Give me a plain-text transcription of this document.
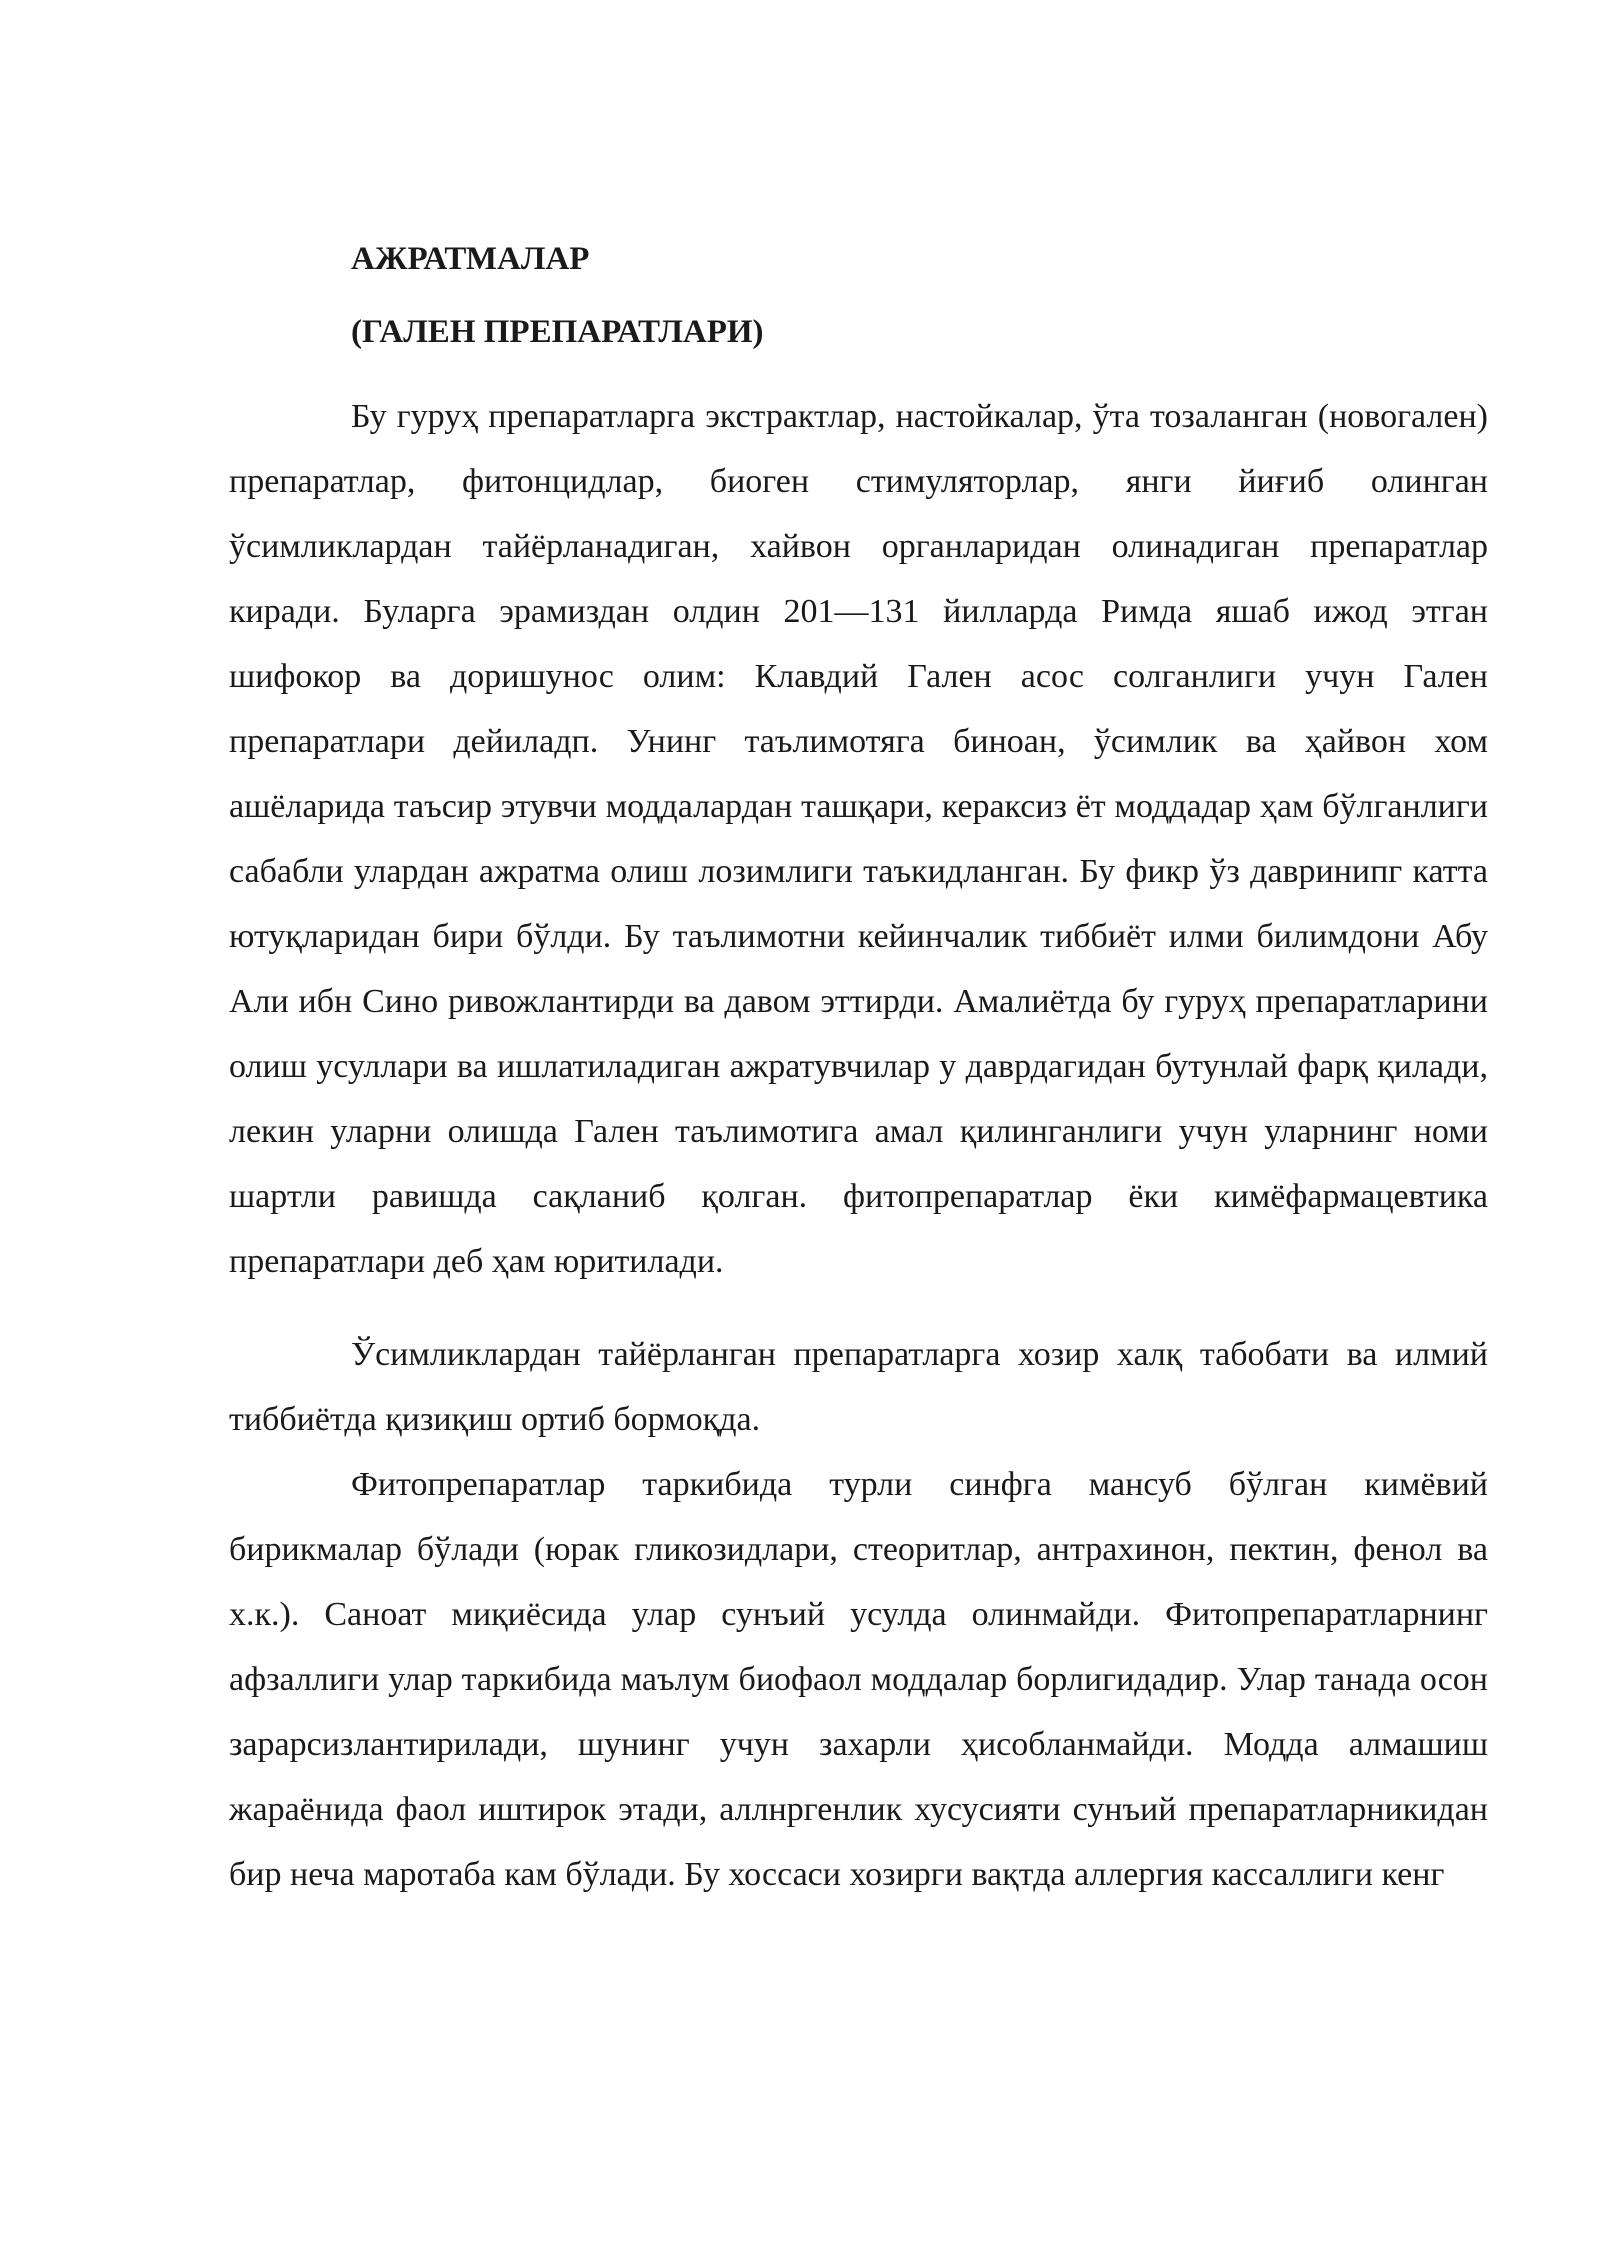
АЖРАТМАЛАР
(ГАЛЕН ПРЕПАРАТЛАРИ)

Бу гуруҳ препаратларга экстрактлар, настойкалар, ўта тозаланган (новогален) препаратлар, фитонцидлар, биоген стимуляторлар, янги йиғиб олинган ўсимликлардан тайёрланадиган, хайвон органларидан олинадиган препаратлар киради. Буларга эрамиздан олдин 201—131 йилларда Римда яшаб ижод этган шифокор ва доришунос олим: Клавдий Гален асос солганлиги учун Гален препаратлари дейиладп. Унинг таълимотяга биноан, ўсимлик ва ҳайвон хом ашёларида таъсир этувчи моддалардан ташқари, кераксиз ёт моддадар ҳам бўлганлиги сабабли улардан ажратма олиш лозимлиги таъкидланган. Бу фикр ўз давринипг катта ютуқларидан бири бўлди. Бу таълимотни кейинчалик тиббиёт илми билимдони Абу Али ибн Сино ривожлантирди ва давом эттирди. Амалиётда бу гуруҳ препаратларини олиш усуллари ва ишлатиладиган ажратувчилар у даврдагидан бутунлай фарқ қилади, лекин уларни олишда Гален таълимотига амал қилинганлиги учун уларнинг номи шартли равишда сақланиб қолган. фитопрепаратлар ёки кимёфармацевтика препаратлари деб ҳам юритилади.

Ўсимликлардан тайёрланган препаратларга хозир халқ табобати ва илмий тиббиётда қизиқиш ортиб бормоқда.

Фитопрепаратлар таркибида турли синфга мансуб бўлган кимёвий бирикмалар бўлади (юрак гликозидлари, стеоритлар, антрахинон, пектин, фенол ва х.к.). Саноат миқиёсида улар сунъий усулда олинмайди. Фитопрепаратларнинг афзаллиги улар таркибида маълум биофаол моддалар борлигидадир. Улар танада осон зарарсизлантирилади, шунинг учун захарли ҳисобланмайди. Модда алмашиш жараёнида фаол иштирок этади, аллнргенлик хусусияти сунъий препаратларникидан бир неча маротаба кам бўлади. Бу хоссаси хозирги вақтда аллергия кассаллиги кенг
